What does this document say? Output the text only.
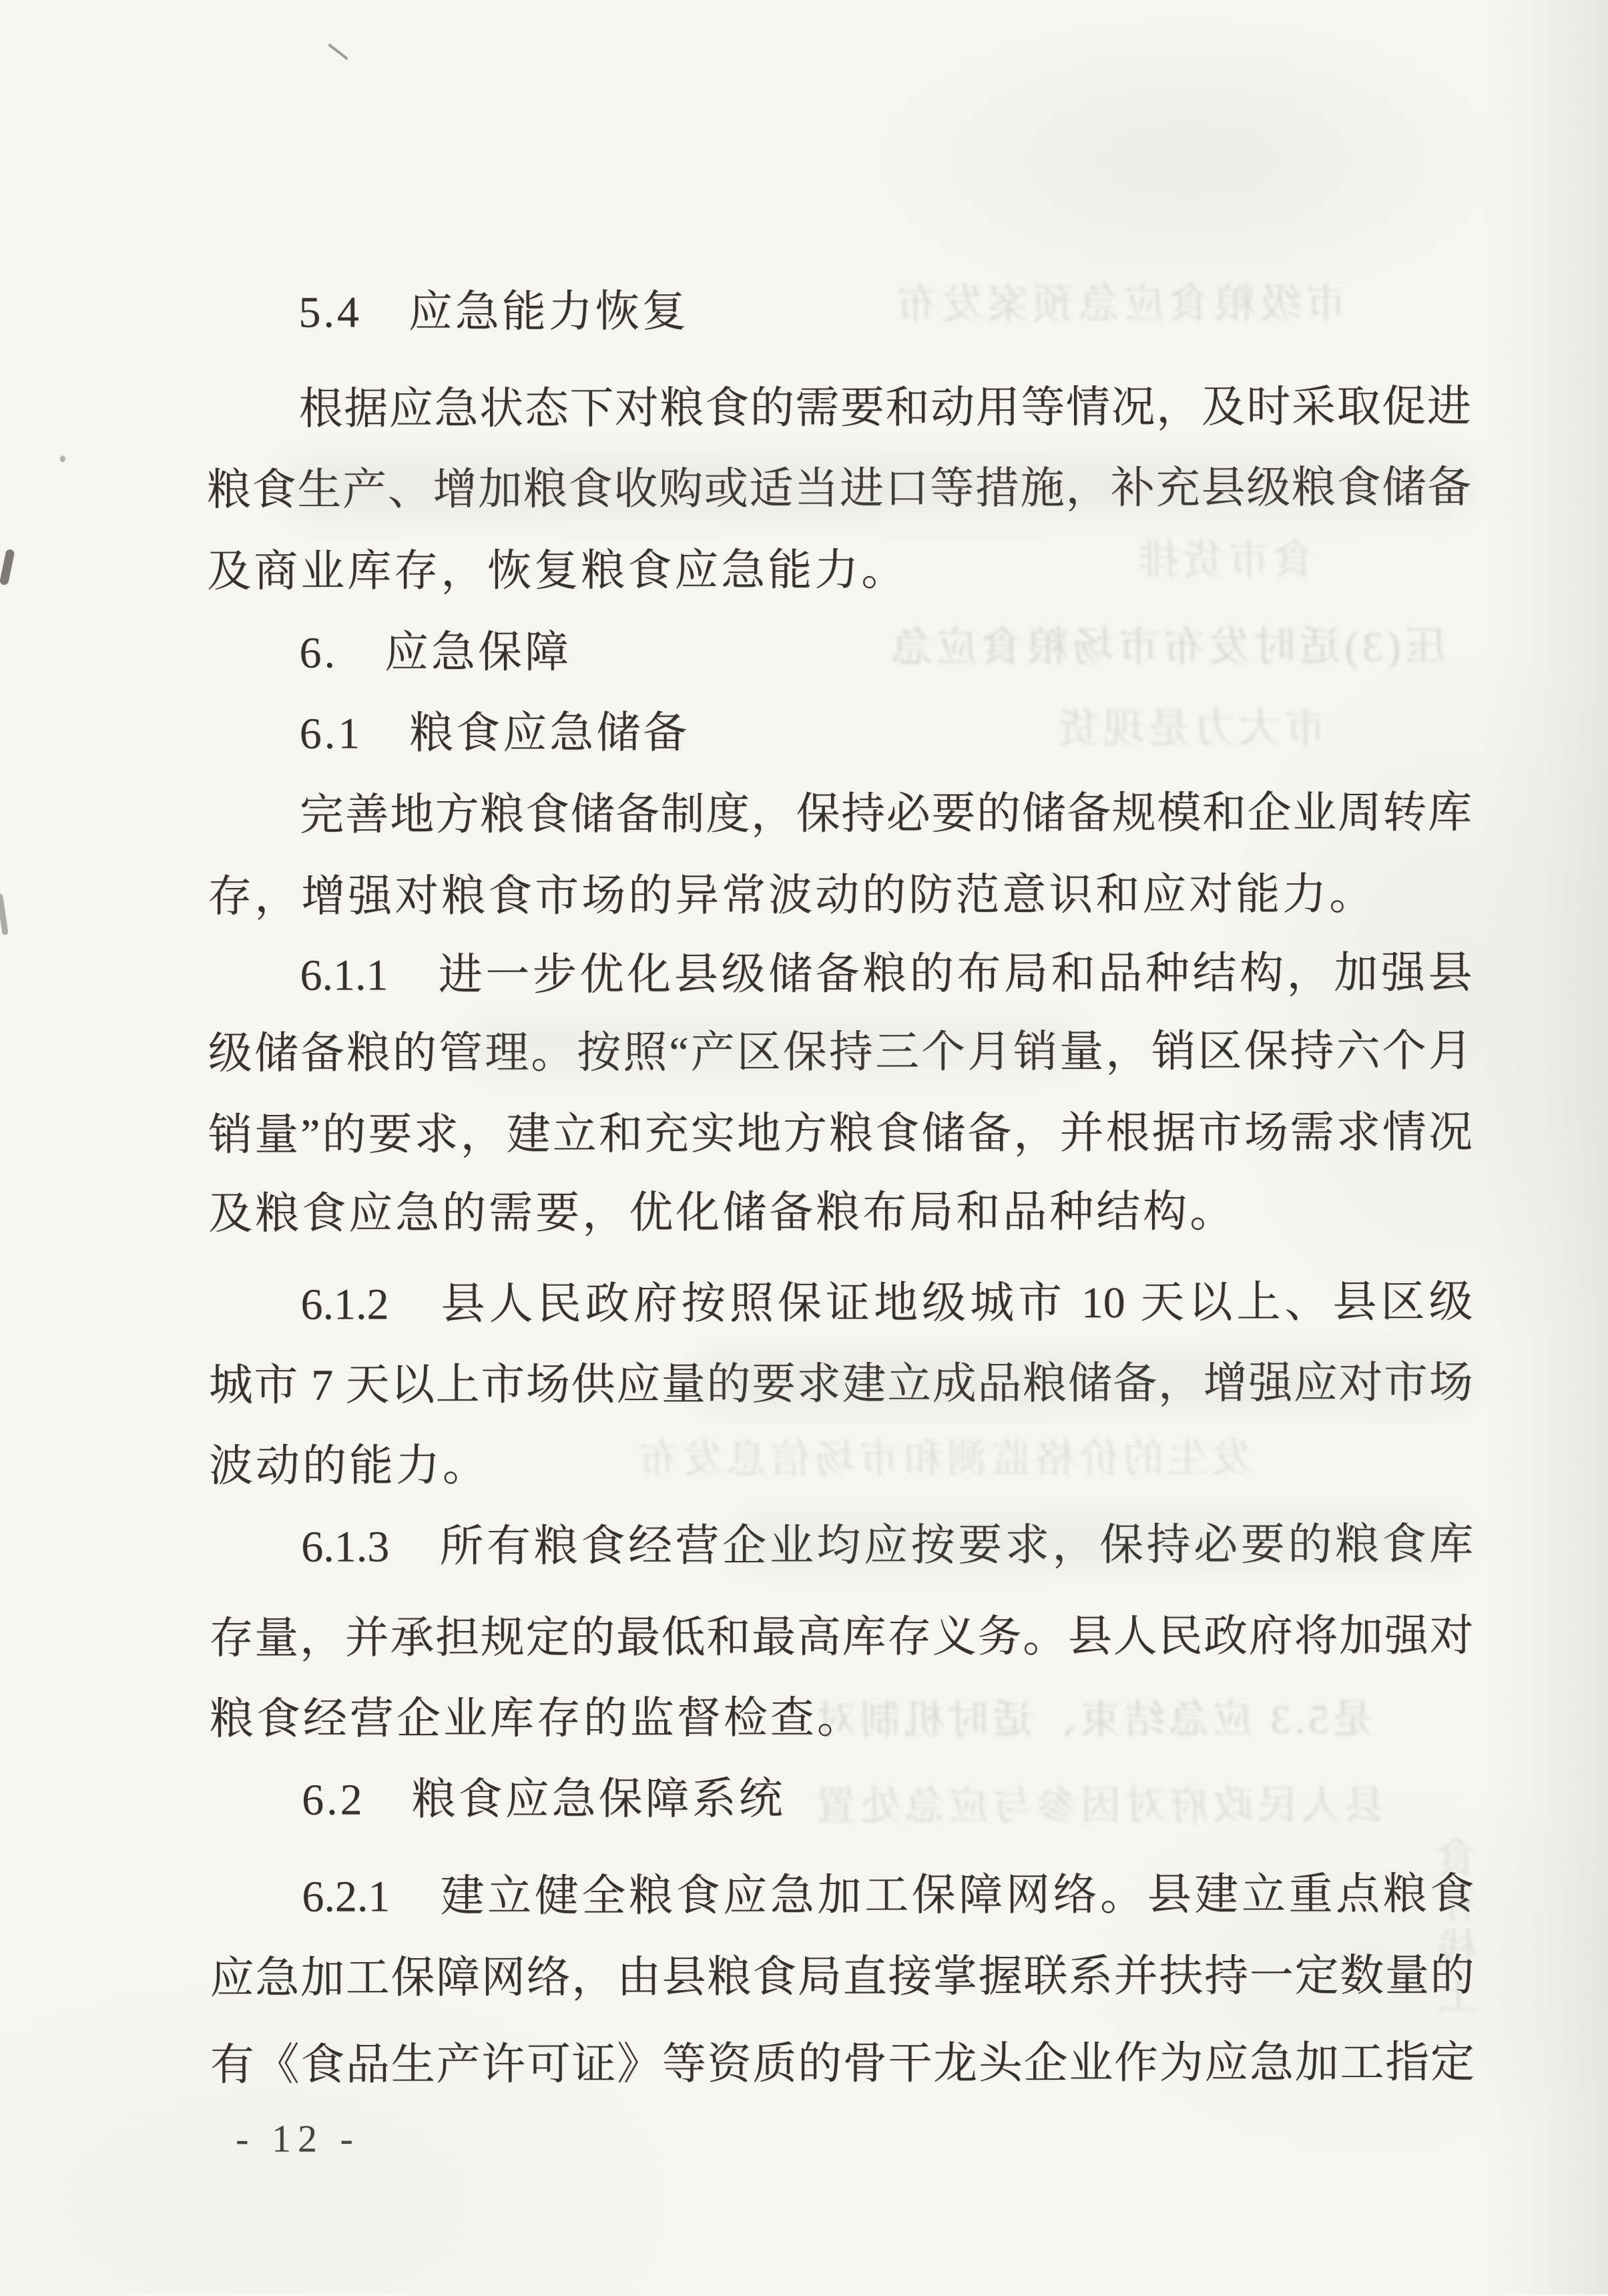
市级粮食应急预案发布
食市货排
压(3)适时发布市场粮食应急
市大力是现货
发生的价格监测和市场信息发布
是5.3 应急结束、适时机制对
县人民政府对因参与应急处置
食存栈上
5.4　应急能力恢复
根据应急状态下对粮食的需要和动用等情况，及时采取促进
粮食生产、增加粮食收购或适当进口等措施，补充县级粮食储备
及商业库存，恢复粮食应急能力。
6.　应急保障
6.1　粮食应急储备
完善地方粮食储备制度，保持必要的储备规模和企业周转库
存，增强对粮食市场的异常波动的防范意识和应对能力。
6.1.1　进一步优化县级储备粮的布局和品种结构，加强县
级储备粮的管理。按照“产区保持三个月销量，销区保持六个月
销量”的要求，建立和充实地方粮食储备，并根据市场需求情况
及粮食应急的需要，优化储备粮布局和品种结构。
6.1.2　县人民政府按照保证地级城市 10 天以上、县区级
城市 7 天以上市场供应量的要求建立成品粮储备，增强应对市场
波动的能力。
6.1.3　所有粮食经营企业均应按要求，保持必要的粮食库
存量，并承担规定的最低和最高库存义务。县人民政府将加强对
粮食经营企业库存的监督检查。
6.2　粮食应急保障系统
6.2.1　建立健全粮食应急加工保障网络。县建立重点粮食
应急加工保障网络，由县粮食局直接掌握联系并扶持一定数量的
有《食品生产许可证》等资质的骨干龙头企业作为应急加工指定
- 12 -
